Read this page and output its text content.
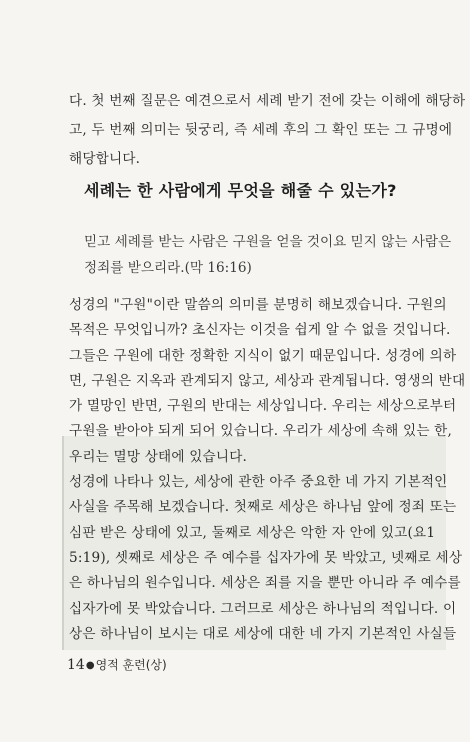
다. 첫 번째 질문은 예견으로서 세례 받기 전에 갖는 이해에 해당하
고, 두 번째 의미는 뒷궁리, 즉 세례 후의 그 확인 또는 그 규명에
해당합니다.
세례는 한 사람에게 무엇을 해줄 수 있는가?
믿고 세례를 받는 사람은 구원을 얻을 것이요 믿지 않는 사람은
정죄를 받으리라.(막 16:16)
성경의 "구원"이란 말씀의 의미를 분명히 해보겠습니다. 구원의
목적은 무엇입니까? 초신자는 이것을 쉽게 알 수 없을 것입니다.
그들은 구원에 대한 정확한 지식이 없기 때문입니다. 성경에 의하
면, 구원은 지옥과 관계되지 않고, 세상과 관계됩니다. 영생의 반대
가 멸망인 반면, 구원의 반대는 세상입니다. 우리는 세상으로부터
구원을 받아야 되게 되어 있습니다. 우리가 세상에 속해 있는 한,
우리는 멸망 상태에 있습니다.
성경에 나타나 있는, 세상에 관한 아주 중요한 네 가지 기본적인
사실을 주목해 보겠습니다. 첫째로 세상은 하나님 앞에 정죄 또는
심판 받은 상태에 있고, 둘째로 세상은 악한 자 안에 있고(요1
5:19), 셋째로 세상은 주 예수를 십자가에 못 박았고, 넷째로 세상
은 하나님의 원수입니다. 세상은 죄를 지을 뿐만 아니라 주 예수를
십자가에 못 박았습니다. 그러므로 세상은 하나님의 적입니다. 이
상은 하나님이 보시는 대로 세상에 대한 네 가지 기본적인 사실들
14●영적 훈련(상)
